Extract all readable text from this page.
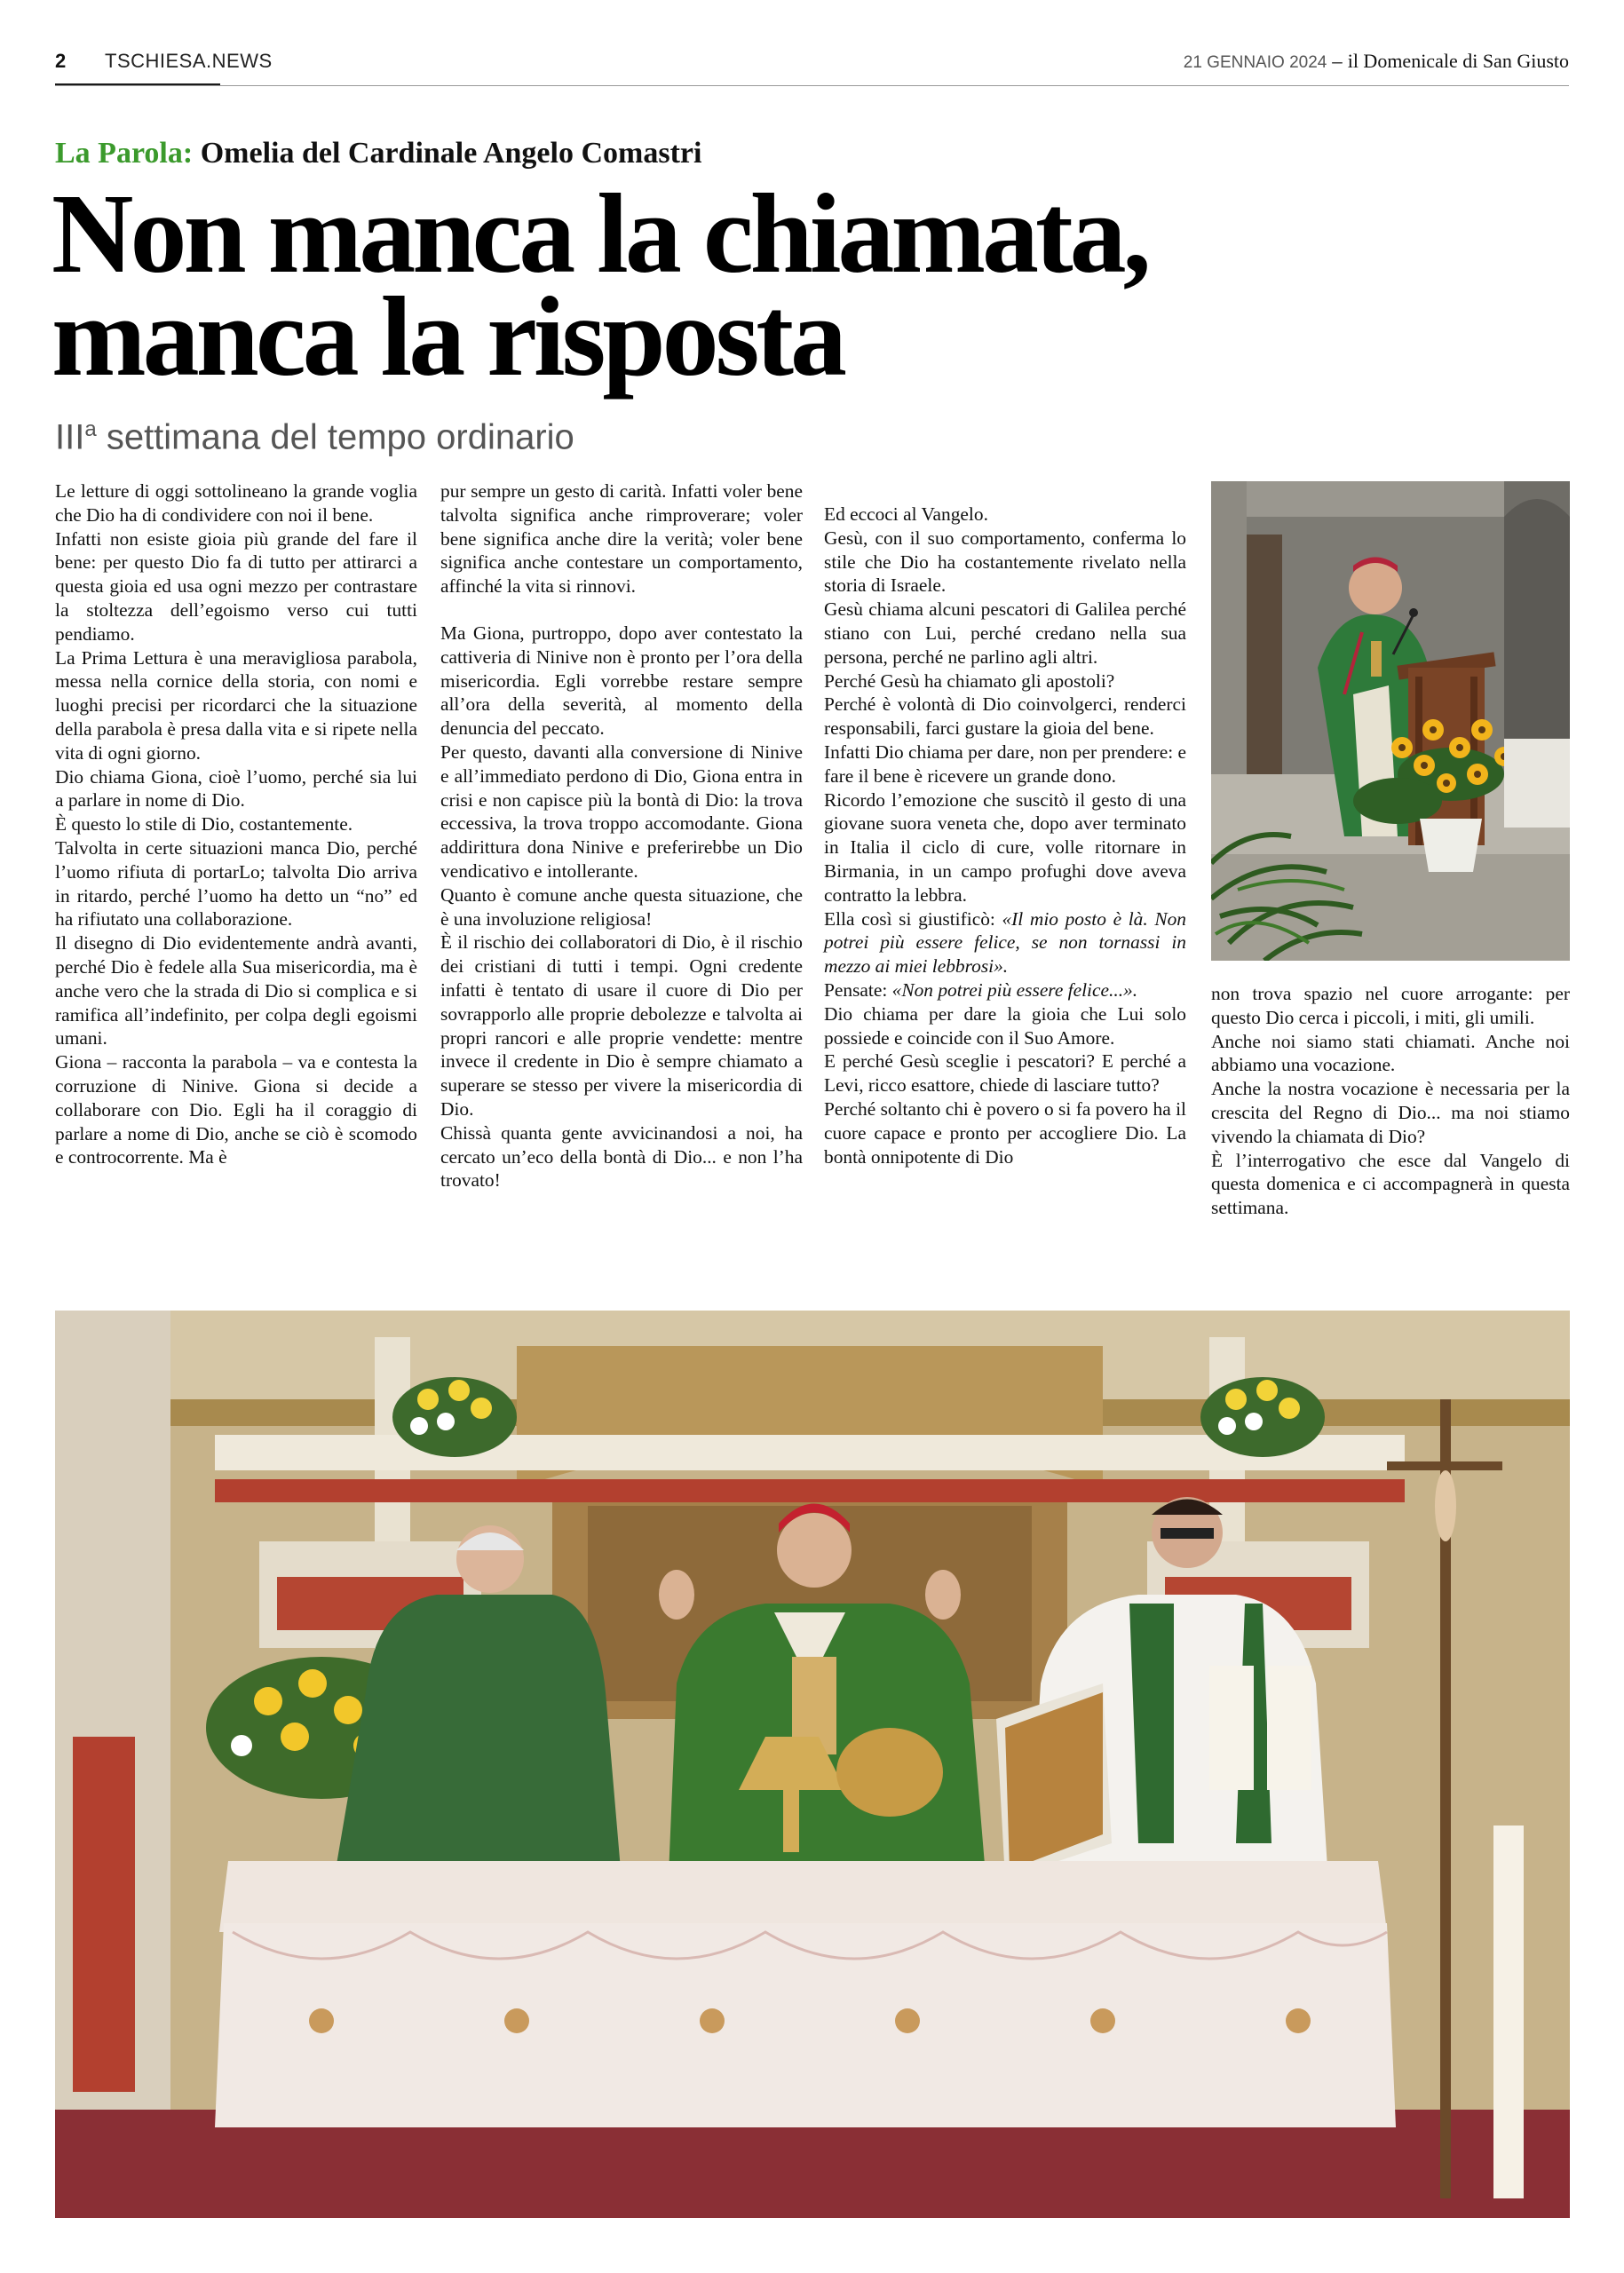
2 TSCHIESA.NEWS	21 GENNAIO 2024 – il Domenicale di San Giusto
La Parola: Omelia del Cardinale Angelo Comastri
Non manca la chiamata,
manca la risposta
III$^a$ settimana del tempo ordinario

Le letture di oggi sottolineano la grande voglia che Dio ha di condividere con noi il bene.

Infatti non esiste gioia più grande del fare il bene: per questo Dio fa di tutto per attirarci a questa gioia ed usa ogni mezzo per contrastare la stoltezza dell’egoismo verso cui tutti pendiamo.

La Prima Lettura è una meravigliosa parabola, messa nella cornice della storia, con nomi e luoghi precisi per ricordarci che la situazione della parabola è presa dalla vita e si ripete nella vita di ogni giorno.

Dio chiama Giona, cioè l’uomo, perché sia lui a parlare in nome di Dio.

È questo lo stile di Dio, costantemente.

Talvolta in certe situazioni manca Dio, perché l’uomo rifiuta di portarLo; talvolta Dio arriva in ritardo, perché l’uomo ha detto un “no” ed ha rifiutato una collaborazione.

Il disegno di Dio evidentemente andrà avanti, perché Dio è fedele alla Sua misericordia, ma è anche vero che la strada di Dio si complica e si ramifica all’indefinito, per colpa degli egoismi umani.

Giona – racconta la parabola – va e contesta la corruzione di Ninive. Giona si decide a collaborare con Dio. Egli ha il coraggio di parlare a nome di Dio, anche se ciò è scomodo e controcorrente. Ma è

pur sempre un gesto di carità. Infatti voler bene talvolta significa anche rimproverare; voler bene significa anche dire la verità; voler bene significa anche contestare un comportamento, affinché la vita si rinnovi.

Ma Giona, purtroppo, dopo aver contestato la cattiveria di Ninive non è pronto per l’ora della misericordia. Egli vorrebbe restare sempre all’ora della severità, al momento della denuncia del peccato.

Per questo, davanti alla conversione di Ninive e all’immediato perdono di Dio, Giona entra in crisi e non capisce più la bontà di Dio: la trova eccessiva, la trova troppo accomodante. Giona addirittura dona Ninive e preferirebbe un Dio vendicativo e intollerante.

Quanto è comune anche questa situazione, che è una involuzione religiosa!

È il rischio dei collaboratori di Dio, è il rischio dei cristiani di tutti i tempi. Ogni credente infatti è tentato di usare il cuore di Dio per sovrapporlo alle proprie debolezze e talvolta ai propri rancori e alle proprie vendette: mentre invece il credente in Dio è sempre chiamato a superare se stesso per vivere la misericordia di Dio.

Chissà quanta gente avvicinandosi a noi, ha cercato un’eco della bontà di Dio... e non l’ha trovato!

Ed eccoci al Vangelo.

Gesù, con il suo comportamento, conferma lo stile che Dio ha costantemente rivelato nella storia di Israele.

Gesù chiama alcuni pescatori di Galilea perché stiano con Lui, perché credano nella sua persona, perché ne parlino agli altri.

Perché Gesù ha chiamato gli apostoli?

Perché è volontà di Dio coinvolgerci, renderci responsabili, farci gustare la gioia del bene.

Infatti Dio chiama per dare, non per prendere: e fare il bene è ricevere un grande dono.

Ricordo l’emozione che suscitò il gesto di una giovane suora veneta che, dopo aver terminato in Italia il ciclo di cure, volle ritornare in Birmania, in un campo profughi dove aveva contratto la lebbra.

Ella così si giustificò: «Il mio posto è là. Non potrei più essere felice, se non tornassi in mezzo ai miei lebbrosi».

Pensate: «Non potrei più essere felice...».

Dio chiama per dare la gioia che Lui solo possiede e coincide con il Suo Amore.

E perché Gesù sceglie i pescatori? E perché a Levi, ricco esattore, chiede di lasciare tutto?

Perché soltanto chi è povero o si fa povero ha il cuore capace e pronto per accogliere Dio. La bontà onnipotente di Dio

non trova spazio nel cuore arrogante: per questo Dio cerca i piccoli, i miti, gli umili.

Anche noi siamo stati chiamati. Anche noi abbiamo una vocazione.

Anche la nostra vocazione è necessaria per la crescita del Regno di Dio... ma noi stiamo vivendo la chiamata di Dio?

È l’interrogativo che esce dal Vangelo di questa domenica e ci accompagnerà in questa settimana.
